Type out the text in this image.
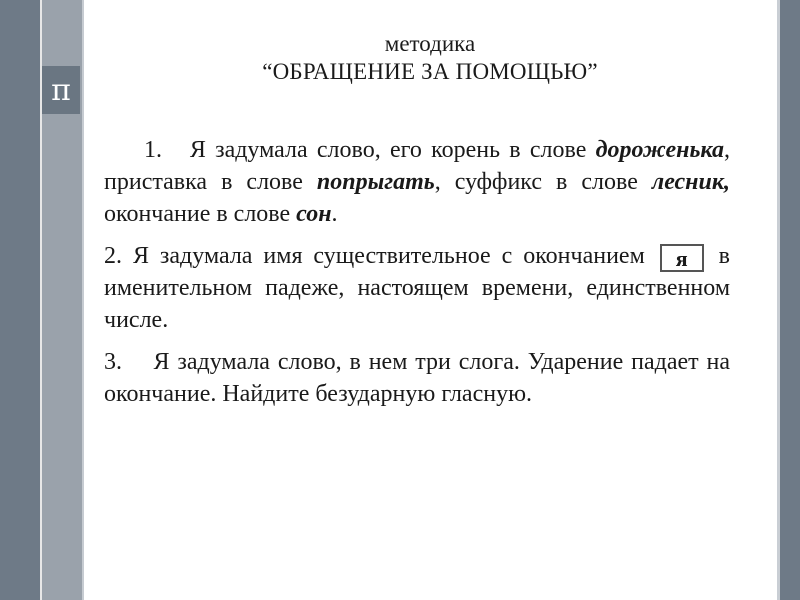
π
методика
“ОБРАЩЕНИЕ ЗА ПОМОЩЬЮ”

1. Я задумала слово, его корень в слове дороженька, приставка в слове попрыгать, суффикс в слове лесник, окончание в слове сон.

2. Я задумала имя существительное с окончанием я в именительном падеже, настоящем времени, единственном числе.

3. Я задумала слово, в нем три слога. Ударение падает на окончание. Найдите безударную гласную.
